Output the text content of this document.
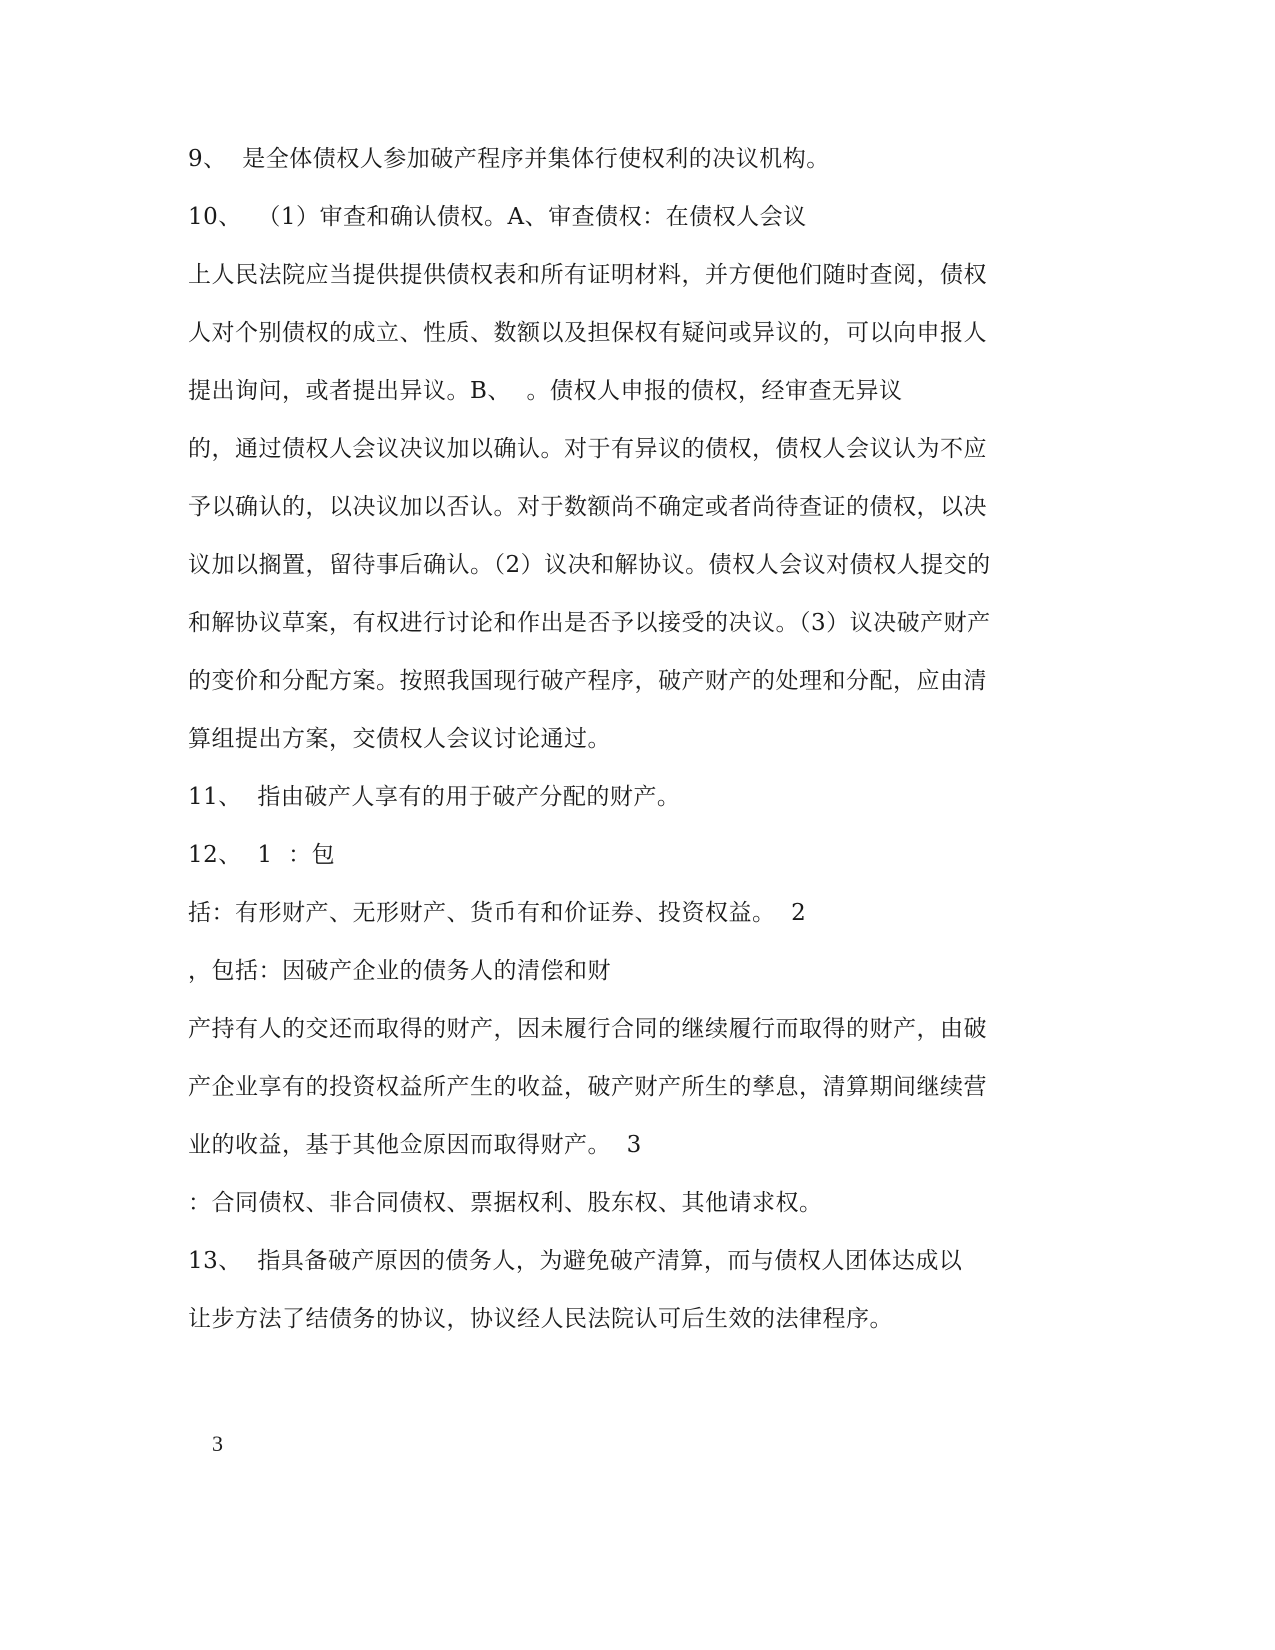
9、  是全体债权人参加破产程序并集体行使权利的决议机构。
10、  （1）审查和确认债权。A、审查债权：在债权人会议
上人民法院应当提供提供债权表和所有证明材料，并方便他们随时查阅，债权
人对个别债权的成立、性质、数额以及担保权有疑问或异议的，可以向申报人
提出询问，或者提出异议。B、  。债权人申报的债权，经审查无异议
的，通过债权人会议决议加以确认。对于有异议的债权，债权人会议认为不应
予以确认的，以决议加以否认。对于数额尚不确定或者尚待查证的债权，以决
议加以搁置，留待事后确认。（2）议决和解协议。债权人会议对债权人提交的
和解协议草案，有权进行讨论和作出是否予以接受的决议。（3）议决破产财产
的变价和分配方案。按照我国现行破产程序，破产财产的处理和分配，应由清
算组提出方案，交债权人会议讨论通过。
11、  指由破产人享有的用于破产分配的财产。
12、  1  ：包
括：有形财产、无形财产、货币有和价证券、投资权益。  2
，包括：因破产企业的债务人的清偿和财
产持有人的交还而取得的财产，因未履行合同的继续履行而取得的财产，由破
产企业享有的投资权益所产生的收益，破产财产所生的孳息，清算期间继续营
业的收益，基于其他佥原因而取得财产。  3
：合同债权、非合同债权、票据权利、股东权、其他请求权。
13、  指具备破产原因的债务人，为避免破产清算，而与债权人团体达成以
让步方法了结债务的协议，协议经人民法院认可后生效的法律程序。
3
